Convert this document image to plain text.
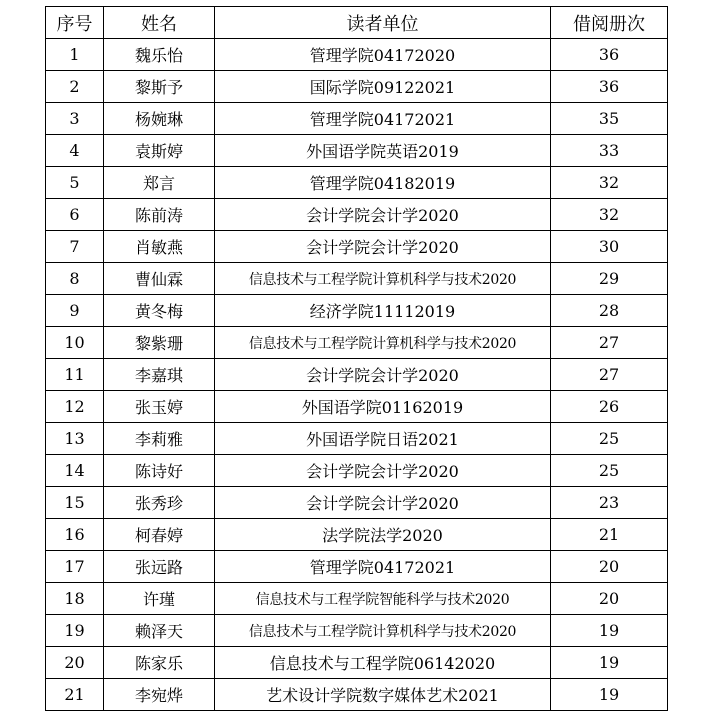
序号	姓名	读者单位	借阅册次
1	魏乐怡	管理学院04172020	36
2	黎斯予	国际学院09122021	36
3	杨婉琳	管理学院04172021	35
4	袁斯婷	外国语学院英语2019	33
5	郑言	管理学院04182019	32
6	陈前涛	会计学院会计学2020	32
7	肖敏燕	会计学院会计学2020	30
8	曹仙霖	信息技术与工程学院计算机科学与技术2020	29
9	黄冬梅	经济学院11112019	28
10	黎紫珊	信息技术与工程学院计算机科学与技术2020	27
11	李嘉琪	会计学院会计学2020	27
12	张玉婷	外国语学院01162019	26
13	李莉雅	外国语学院日语2021	25
14	陈诗好	会计学院会计学2020	25
15	张秀珍	会计学院会计学2020	23
16	柯春婷	法学院法学2020	21
17	张远路	管理学院04172021	20
18	许瑾	信息技术与工程学院智能科学与技术2020	20
19	赖泽天	信息技术与工程学院计算机科学与技术2020	19
20	陈家乐	信息技术与工程学院06142020	19
21	李宛烨	艺术设计学院数字媒体艺术2021	19
